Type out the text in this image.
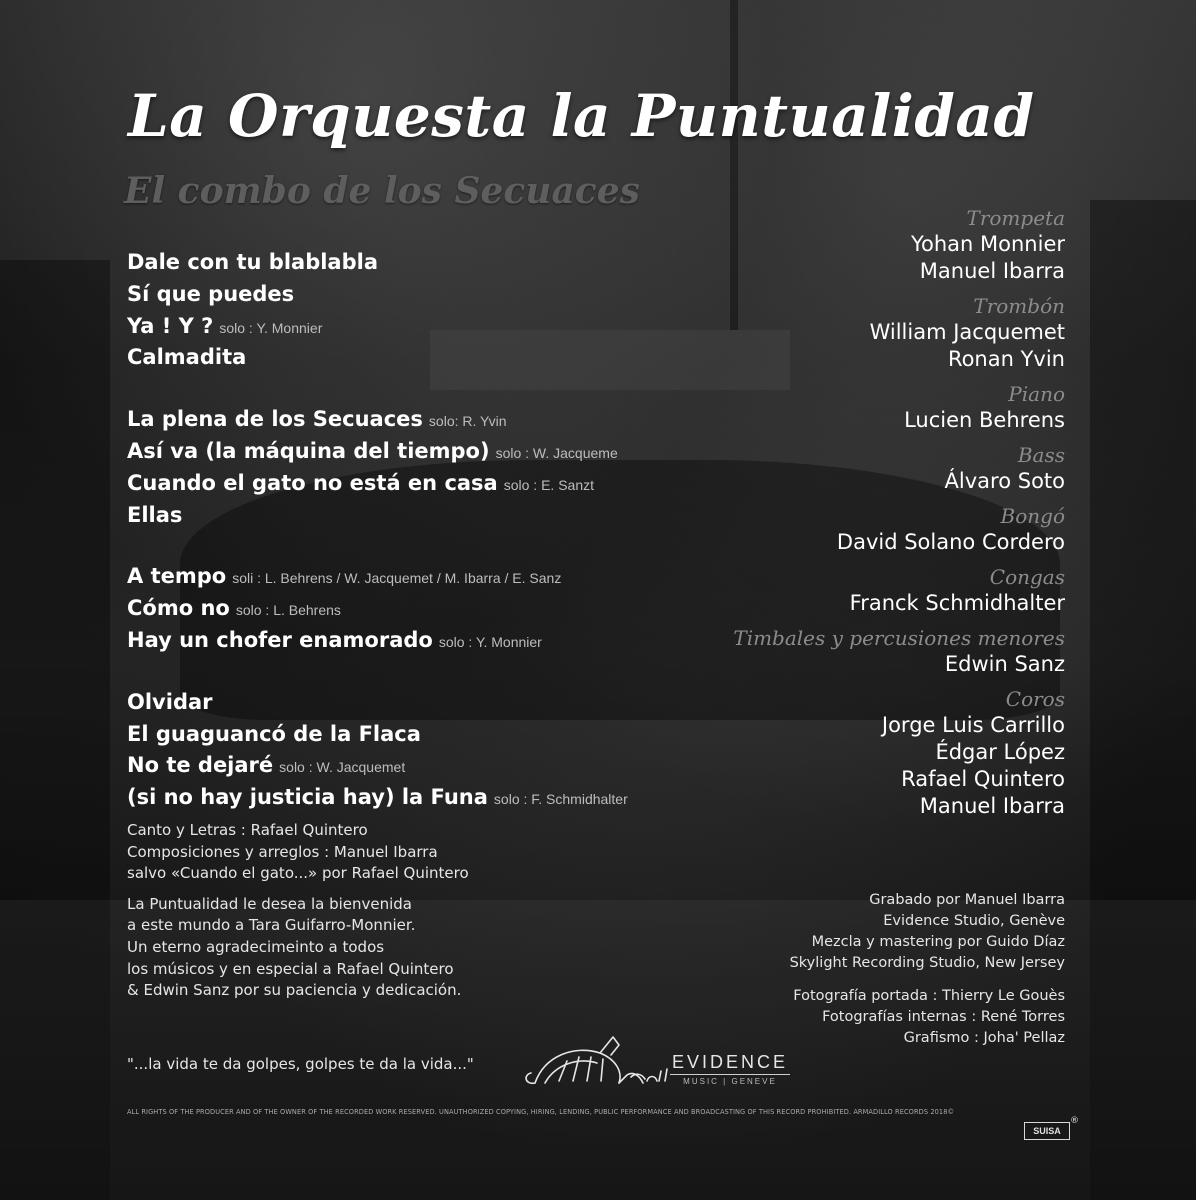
La Orquesta la Puntualidad
El combo de los Secuaces
Dale con tu blablabla
Sí que puedes
Ya ! Y ? solo : Y. Monnier
Calmadita
La plena de los Secuaces solo: R. Yvin
Así va (la máquina del tiempo) solo : W. Jacqueme
Cuando el gato no está en casa solo : E. Sanzt
Ellas
A tempo soli : L. Behrens / W. Jacquemet / M. Ibarra / E. Sanz
Cómo no solo : L. Behrens
Hay un chofer enamorado solo : Y. Monnier
Olvidar
El guaguancó de la Flaca
No te dejaré solo : W. Jacquemet
(si no hay justicia hay) la Funa solo : F. Schmidhalter
Trompeta
Yohan Monnier
Manuel Ibarra
Trombón
William Jacquemet
Ronan Yvin
Piano
Lucien Behrens
Bass
Álvaro Soto
Bongó
David Solano Cordero
Congas
Franck Schmidhalter
Timbales y percusiones menores
Edwin Sanz
Coros
Jorge Luis Carrillo
Édgar López
Rafael Quintero
Manuel Ibarra

Canto y Letras : Rafael Quintero
Composiciones y arreglos : Manuel Ibarra
salvo «Cuando el gato...» por Rafael Quintero

La Puntualidad le desea la bienvenida
a este mundo a Tara Guifarro-Monnier.
Un eterno agradecimeinto a todos
los músicos y en especial a Rafael Quintero
& Edwin Sanz por su paciencia y dedicación.

"...la vida te da golpes, golpes te da la vida..."

Grabado por Manuel Ibarra
Evidence Studio, Genève
Mezcla y mastering por Guido Díaz
Skylight Recording Studio, New Jersey

Fotografía portada : Thierry Le Gouès
Fotografías internas : René Torres
Grafismo : Joha' Pellaz

EVIDENCE
MUSIC | GENEVE
ALL RIGHTS OF THE PRODUCER AND OF THE OWNER OF THE RECORDED WORK RESERVED. UNAUTHORIZED COPYING, HIRING, LENDING, PUBLIC PERFORMANCE AND BROADCASTING OF THIS RECORD PROHIBITED. ARMADILLO RECORDS 2018©
SUISA
®
